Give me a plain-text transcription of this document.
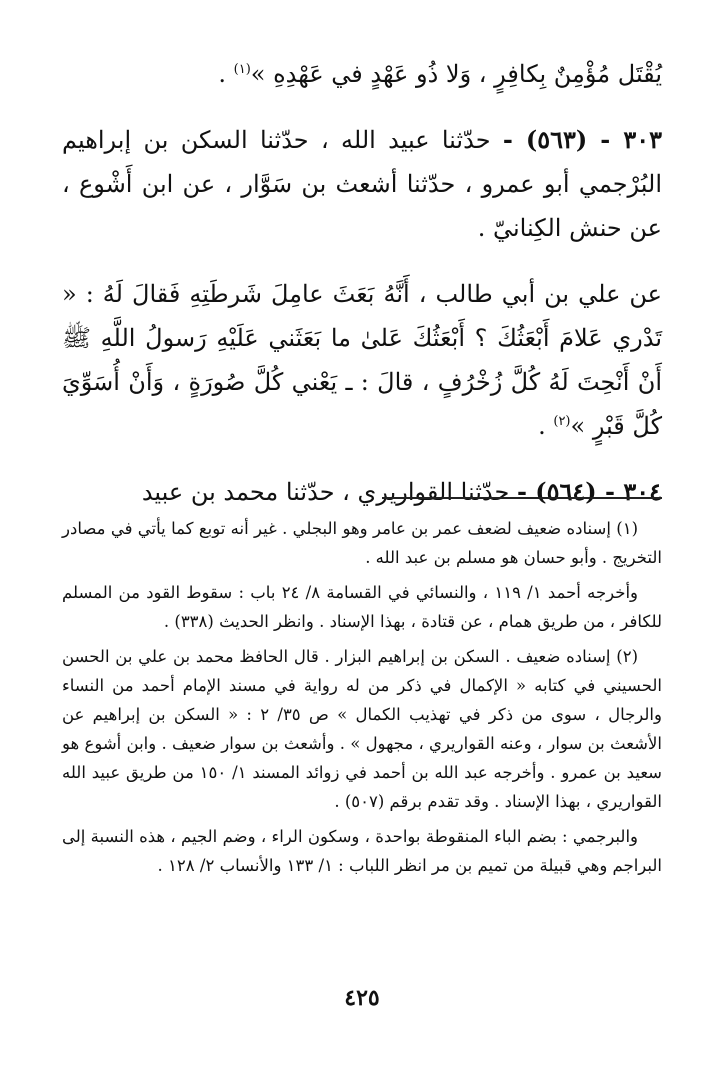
يُقْتَل مُؤْمِنٌ بِكافِرٍ ، وَلا ذُو عَهْدٍ في عَهْدِهِ »$^{(١)}$ .

٣٠٣ - (٥٦٣) - حدّثنا عبيد الله ، حدّثنا السكن بن إبراهيم البُرْجمي أبو عمرو ، حدّثنا أشعث بن سَوَّار ، عن ابن أَشْوع ، عن حنش الكِنانيّ .

عن علي بن أبي طالب ، أَنَّهُ بَعَثَ عامِلَ شَرطَتِهِ فَقالَ لَهُ : « تَدْري عَلامَ أَبْعَثُكَ ؟ أَبْعَثُكَ عَلىٰ ما بَعَثَني عَلَيْهِ رَسولُ اللَّهِ ﷺ أَنْ أَنْحِتَ لَهُ كُلَّ زُخْرُفٍ ، قالَ : ـ يَعْني كُلَّ صُورَةٍ ، وَأَنْ أُسَوِّيَ كُلَّ قَبْرٍ »$^{(٢)}$ .

٣٠٤ - (٥٦٤) - حدّثنا القواريري ، حدّثنا محمد بن عبيد

(١) إسناده ضعيف لضعف عمر بن عامر وهو البجلي . غير أنه توبع كما يأتي في مصادر التخريج . وأبو حسان هو مسلم بن عبد الله .

وأخرجه أحمد ١/ ١١٩ ، والنسائي في القسامة ٨/ ٢٤ باب : سقوط القود من المسلم للكافر ، من طريق همام ، عن قتادة ، بهذا الإسناد . وانظر الحديث (٣٣٨) .

(٢) إسناده ضعيف . السكن بن إبراهيم البزار . قال الحافظ محمد بن علي بن الحسن الحسيني في كتابه « الإكمال في ذكر من له رواية في مسند الإمام أحمد من النساء والرجال ، سوى من ذكر في تهذيب الكمال » ص ٣٥/ ٢ : « السكن بن إبراهيم عن الأشعث بن سوار ، وعنه القواريري ، مجهول » . وأشعث بن سوار ضعيف . وابن أشوع هو سعيد بن عمرو . وأخرجه عبد الله بن أحمد في زوائد المسند ١/ ١٥٠ من طريق عبيد الله القواريري ، بهذا الإسناد . وقد تقدم برقم (٥٠٧) .

والبرجمي : بضم الباء المنقوطة بواحدة ، وسكون الراء ، وضم الجيم ، هذه النسبة إلى البراجم وهي قبيلة من تميم بن مر انظر اللباب : ١/ ١٣٣ والأنساب ٢/ ١٢٨ .

٤٢٥
